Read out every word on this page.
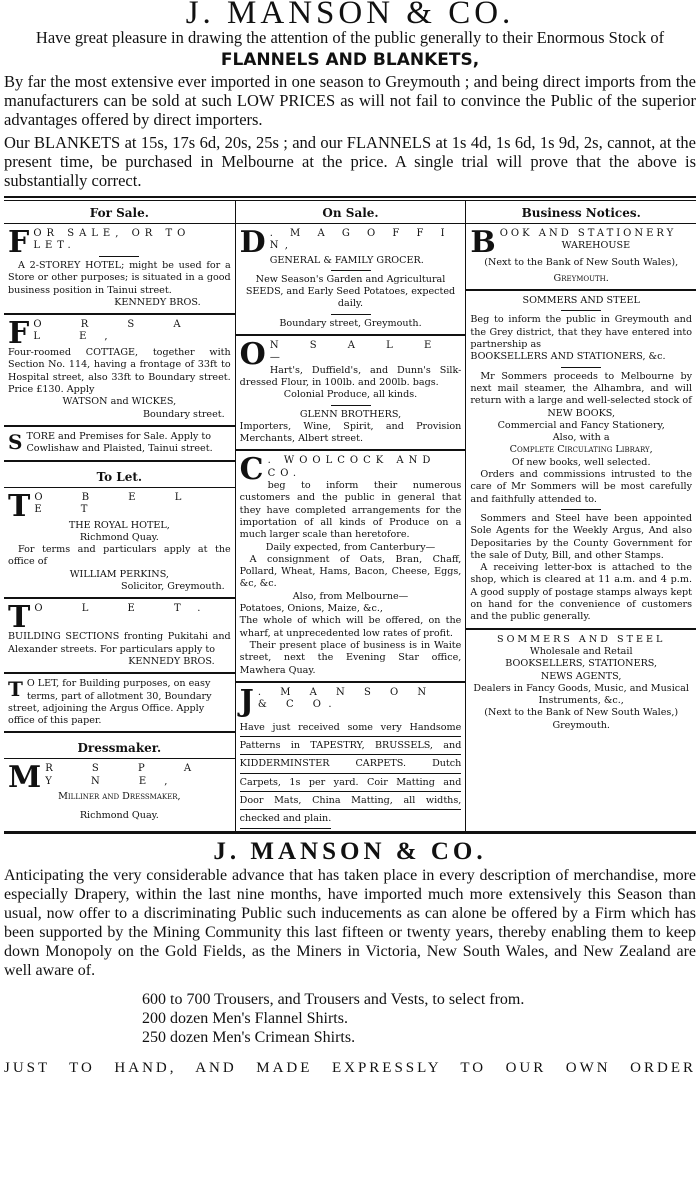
J. MANSON & CO.
Have great pleasure in drawing the attention of the public generally to their Enormous Stock of
FLANNELS AND BLANKETS,
By far the most extensive ever imported in one season to Greymouth ; and being direct imports from the manufacturers can be sold at such LOW PRICES as will not fail to convince the Public of the superior advantages offered by direct importers.
Our BLANKETS at 15s, 17s 6d, 20s, 25s ; and our FLANNELS at 1s 4d, 1s 6d, 1s 9d, 2s, cannot, at the present time, be purchased in Melbourne at the price. A single trial will prove that the above is substantially correct.
For Sale.
FOR SALE, OR TO LET.
A 2-STOREY HOTEL; might be used for a Store or other purposes; is situated in a good business position in Tainui street.
KENNEDY BROS.
F O R S A L E,
Four-roomed COTTAGE, together with Section No. 114, having a frontage of 33ft to Hospital street, also 33ft to Boundary street. Price £130. Apply
WATSON and WICKES,
Boundary street.
STORE and Premises for Sale. Apply to Cowlishaw and Plaisted, Tainui street.
To Let.
T O B E L E T
THE ROYAL HOTEL,
Richmond Quay.
For terms and particulars apply at the office of
WILLIAM PERKINS,
Solicitor, Greymouth.
T O L E T.
BUILDING SECTIONS fronting Pukitahi and Alexander streets. For particulars apply to
KENNEDY BROS.
T O LET, for Building purposes, on easy terms, part of allotment 30, Boundary street, adjoining the Argus Office. Apply office of this paper.
Dressmaker.
M R S P A Y N E,
Milliner and Dressmaker,
Richmond Quay.
On Sale.
D . M A G O F F I N,
GENERAL & FAMILY GROCER.
New Season's Garden and Agricultural SEEDS, and Early Seed Potatoes, expected daily.
Boundary street, Greymouth.
O N S A L E—
Hart's, Duffield's, and Dunn's Silk-dressed Flour, in 100lb. and 200lb. bags.
Colonial Produce, all kinds.
GLENN BROTHERS,
Importers, Wine, Spirit, and Provision Merchants, Albert street.
C . WOOLCOCK AND CO.
beg to inform their numerous customers and the public in general that they have completed arrangements for the importation of all kinds of Produce on a much larger scale than heretofore.
Daily expected, from Canterbury—
A consignment of Oats, Bran, Chaff, Pollard, Wheat, Hams, Bacon, Cheese, Eggs, &c, &c.
Also, from Melbourne—
Potatoes, Onions, Maize, &c.,
The whole of which will be offered, on the wharf, at unprecedented low rates of profit.
Their present place of business is in Waite street, next the Evening Star office, Mawhera Quay.
J . M A N S O N & C O.
Have just received some very Handsome
Patterns in TAPESTRY, BRUSSELS, and
KIDDERMINSTER CARPETS. Dutch
Carpets, 1s per yard. Coir Matting and
Door Mats, China Matting, all widths,
checked and plain.
Business Notices.
BOOK AND STATIONERY
WAREHOUSE
(Next to the Bank of New South Wales),
Greymouth.
SOMMERS AND STEEL
Beg to inform the public in Greymouth and the Grey district, that they have entered into partnership as
BOOKSELLERS AND STATIONERS, &c.
Mr Sommers proceeds to Melbourne by next mail steamer, the Alhambra, and will return with a large and well-selected stock of
NEW BOOKS,
Commercial and Fancy Stationery,
Also, with a
Complete Circulating Library,
Of new books, well selected.
Orders and commissions intrusted to the care of Mr Sommers will be most carefully and faithfully attended to.
Sommers and Steel have been appointed Sole Agents for the Weekly Argus, And also Depositaries by the County Government for the sale of Duty, Bill, and other Stamps.
A receiving letter-box is attached to the shop, which is cleared at 11 a.m. and 4 p.m. A good supply of postage stamps always kept on hand for the convenience of customers and the public generally.
SOMMERS AND STEEL
Wholesale and Retail
BOOKSELLERS, STATIONERS,
NEWS AGENTS,
Dealers in Fancy Goods, Music, and Musical Instruments, &c.,
(Next to the Bank of New South Wales,)
Greymouth.
J. MANSON & CO.
Anticipating the very considerable advance that has taken place in every description of merchandise, more especially Drapery, within the last nine months, have imported much more extensively this Season than usual, now offer to a discriminating Public such inducements as can alone be offered by a Firm which has been supported by the Mining Community this last fifteen or twenty years, thereby enabling them to keep down Monopoly on the Gold Fields, as the Miners in Victoria, New South Wales, and New Zealand are well aware of.
600 to 700 Trousers, and Trousers and Vests, to select from.
200 dozen Men's Flannel Shirts.
250 dozen Men's Crimean Shirts.
JUST TO HAND, AND MADE EXPRESSLY TO OUR OWN ORDER
